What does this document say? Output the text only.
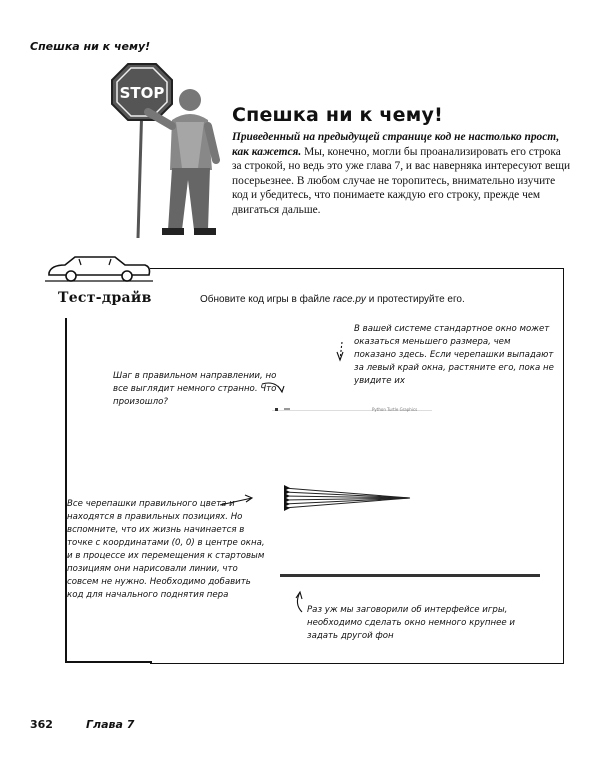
Спешка ни к чему!
STOP
Спешка ни к чему!
Приведенный на предыдущей странице код не настолько прост, как кажется. Мы, конечно, могли бы проанализировать его строка за строкой, но ведь это уже глава 7, и вас наверняка интересуют вещи посерьезнее. В любом случае не торопитесь, внимательно изучите код и убедитесь, что понимаете каждую его строку, прежде чем двигаться дальше.
Тест-драйв	Обновите код игры в файле race.py и протестируйте его.
В вашей системе стандартное окно может оказаться меньшего размера, чем показано здесь. Если черепашки выпадают за левый край окна, растяните его, пока не увидите их
Шаг в правильном направлении, но все выглядит немного странно. Что произошло?
Все черепашки правильного цвета и находятся в правильных позициях. Но вспомните, что их жизнь начинается в точке с координатами (0, 0) в центре окна, и в процессе их перемещения к стартовым позициям они нарисовали линии, что совсем не нужно. Необходимо добавить код для начального поднятия пера
Раз уж мы заговорили об интерфейсе игры, необходимо сделать окно немного крупнее и задать другой фон
Python Turtle Graphics
362	Глава 7
